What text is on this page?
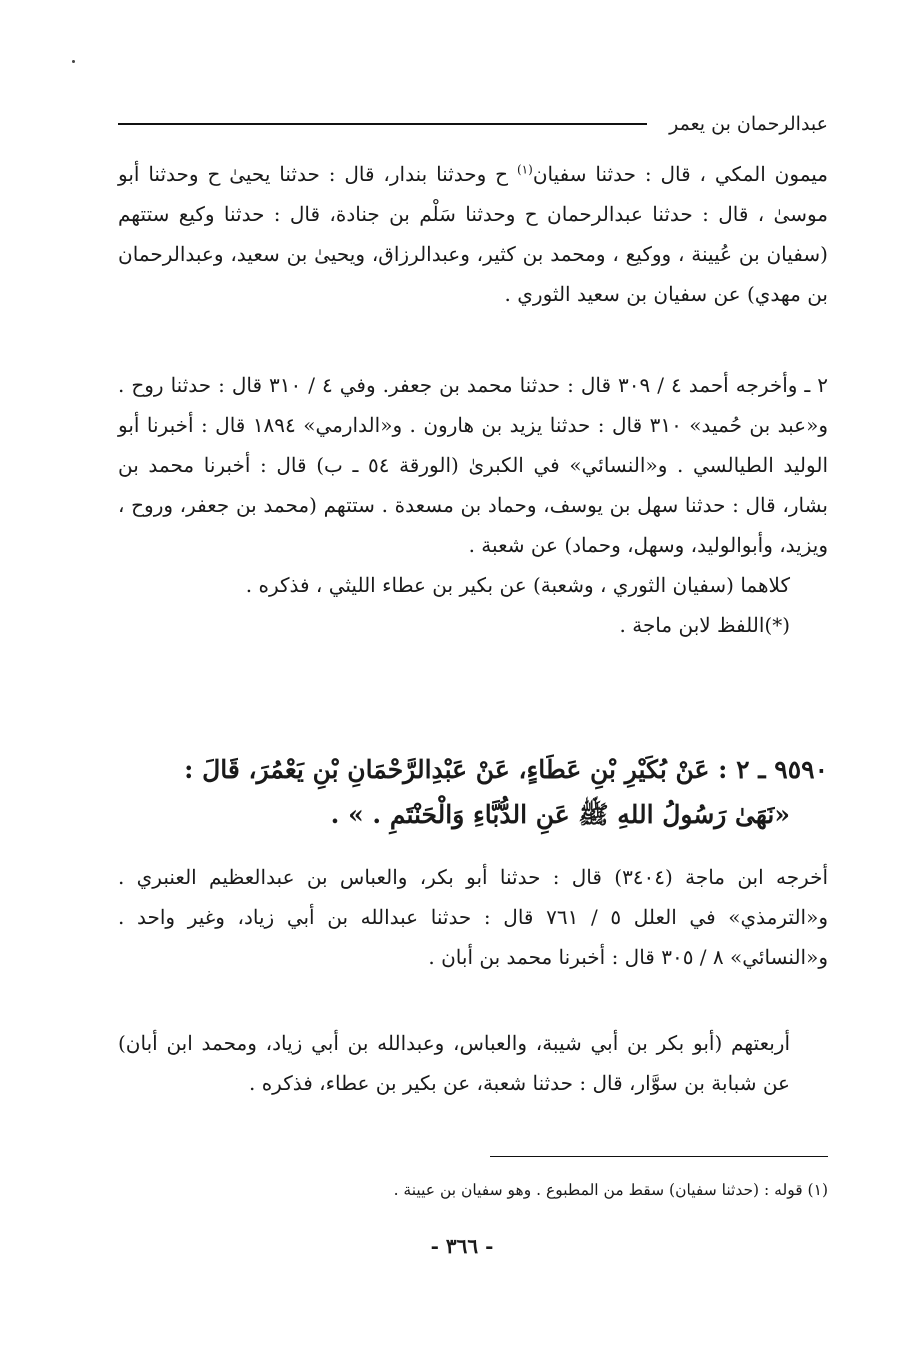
عبدالرحمان بن يعمر

ميمون المكي ، قال : حدثنا سفيان$^{(١)}$ ح وحدثنا بندار، قال : حدثنا يحيىٰ ح وحدثنا أبو موسىٰ ، قال : حدثنا عبدالرحمان ح وحدثنا سَلْم بن جنادة، قال : حدثنا وكيع ستتهم (سفيان بن عُيينة ، ووكيع ، ومحمد بن كثير، وعبدالرزاق، ويحيىٰ بن سعيد، وعبدالرحمان بن مهدي) عن سفيان بن سعيد الثوري .

٢ ـ وأخرجه أحمد ٤ / ٣٠٩ قال : حدثنا محمد بن جعفر. وفي ٤ / ٣١٠ قال : حدثنا روح . و«عبد بن حُميد» ٣١٠ قال : حدثنا يزيد بن هارون . و«الدارمي» ١٨٩٤ قال : أخبرنا أبو الوليد الطيالسي . و«النسائي» في الكبرىٰ (الورقة ٥٤ ـ ب) قال : أخبرنا محمد بن بشار، قال : حدثنا سهل بن يوسف، وحماد بن مسعدة . ستتهم (محمد بن جعفر، وروح ، ويزيد، وأبوالوليد، وسهل، وحماد) عن شعبة .

كلاهما (سفيان الثوري ، وشعبة) عن بكير بن عطاء الليثي ، فذكره .

(*)اللفظ لابن ماجة .

٩٥٩٠ ـ ٢ : عَنْ بُكَيْرِ بْنِ عَطَاءٍ، عَنْ عَبْدِالرَّحْمَانِ بْنِ يَعْمُرَ، قَالَ :

«نَهَىٰ رَسُولُ اللهِ ﷺ عَنِ الدُّبَّاءِ وَالْحَنْتَمِ . » .

أخرجه ابن ماجة (٣٤٠٤) قال : حدثنا أبو بكر، والعباس بن عبدالعظيم العنبري . و«الترمذي» في العلل ٥ / ٧٦١ قال : حدثنا عبدالله بن أبي زياد، وغير واحد . و«النسائي» ٨ / ٣٠٥ قال : أخبرنا محمد بن أبان .

أربعتهم (أبو بكر بن أبي شيبة، والعباس، وعبدالله بن أبي زياد، ومحمد ابن أبان) عن شبابة بن سوَّار، قال : حدثنا شعبة، عن بكير بن عطاء، فذكره .

(١) قوله : (حدثنا سفيان) سقط من المطبوع . وهو سفيان بن عيينة .
- ٣٦٦ -
